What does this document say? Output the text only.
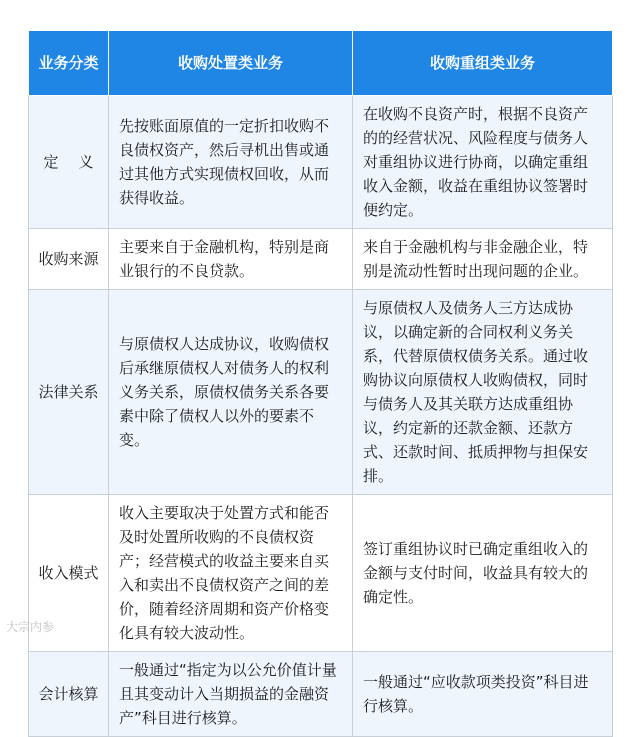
业务分类	收购处置类业务	收购重组类业务
定义	先按账面原值的一定折扣收购不良债权资产，然后寻机出售或通过其他方式实现债权回收，从而获得收益。	在收购不良资产时，根据不良资产的的经营状况、风险程度与债务人对重组协议进行协商，以确定重组收入金额，收益在重组协议签署时便约定。
收购来源	主要来自于金融机构，特别是商业银行的不良贷款。	来自于金融机构与非金融企业，特别是流动性暂时出现问题的企业。
法律关系	与原债权人达成协议，收购债权后承继原债权人对债务人的权利义务关系，原债权债务关系各要素中除了债权人以外的要素不变。	与原债权人及债务人三方达成协议，以确定新的合同权利义务关系，代替原债权债务关系。通过收购协议向原债权人收购债权，同时与债务人及其关联方达成重组协议，约定新的还款金额、还款方式、还款时间、抵质押物与担保安排。
收入模式	收入主要取决于处置方式和能否及时处置所收购的不良债权资产；经营模式的收益主要来自买入和卖出不良债权资产之间的差价，随着经济周期和资产价格变化具有较大波动性。	签订重组协议时已确定重组收入的金额与支付时间，收益具有较大的确定性。
会计核算	一般通过“指定为以公允价值计量且其变动计入当期损益的金融资产”科目进行核算。	一般通过“应收款项类投资”科目进行核算。
大宗内参
